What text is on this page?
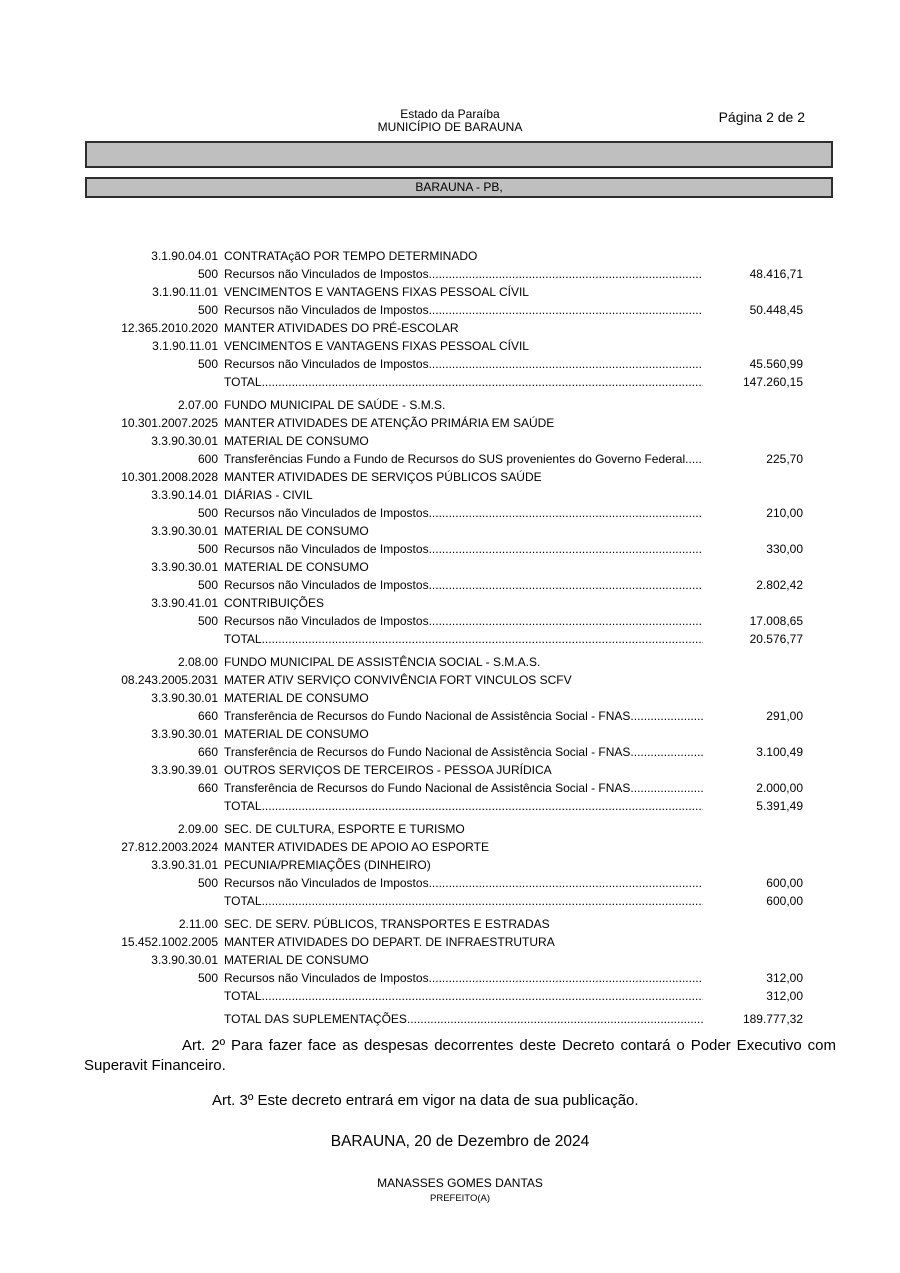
Estado da Paraíba
MUNICÍPIO DE BARAUNA
Página 2 de 2
BARAUNA - PB,
3.1.90.04.01 CONTRATAçãO POR TEMPO DETERMINADO
500 Recursos não Vinculados de Impostos .....	48.416,71
3.1.90.11.01 VENCIMENTOS E VANTAGENS FIXAS PESSOAL CÍVIL
500 Recursos não Vinculados de Impostos .....	50.448,45
12.365.2010.2020 MANTER ATIVIDADES DO PRÉ-ESCOLAR
3.1.90.11.01 VENCIMENTOS E VANTAGENS FIXAS PESSOAL CÍVIL
500 Recursos não Vinculados de Impostos .....	45.560,99
TOTAL .....	147.260,15
2.07.00 FUNDO MUNICIPAL DE SAÚDE - S.M.S.
10.301.2007.2025 MANTER ATIVIDADES DE ATENÇÃO PRIMÁRIA EM SAÚDE
3.3.90.30.01 MATERIAL DE CONSUMO
600 Transferências Fundo a Fundo de Recursos do SUS provenientes do Governo Federal .....	225,70
10.301.2008.2028 MANTER ATIVIDADES DE SERVIÇOS PÚBLICOS SAÚDE
3.3.90.14.01 DIÁRIAS - CIVIL
500 Recursos não Vinculados de Impostos .....	210,00
3.3.90.30.01 MATERIAL DE CONSUMO
500 Recursos não Vinculados de Impostos .....	330,00
3.3.90.30.01 MATERIAL DE CONSUMO
500 Recursos não Vinculados de Impostos .....	2.802,42
3.3.90.41.01 CONTRIBUIÇÕES
500 Recursos não Vinculados de Impostos .....	17.008,65
TOTAL .....	20.576,77
2.08.00 FUNDO MUNICIPAL DE ASSISTÊNCIA SOCIAL - S.M.A.S.
08.243.2005.2031 MATER ATIV SERVIÇO CONVIVÊNCIA FORT VINCULOS SCFV
3.3.90.30.01 MATERIAL DE CONSUMO
660 Transferência de Recursos do Fundo Nacional de Assistência Social - FNAS .....	291,00
3.3.90.30.01 MATERIAL DE CONSUMO
660 Transferência de Recursos do Fundo Nacional de Assistência Social - FNAS .....	3.100,49
3.3.90.39.01 OUTROS SERVIÇOS DE TERCEIROS - PESSOA JURÍDICA
660 Transferência de Recursos do Fundo Nacional de Assistência Social - FNAS .....	2.000,00
TOTAL .....	5.391,49
2.09.00 SEC. DE CULTURA, ESPORTE E TURISMO
27.812.2003.2024 MANTER ATIVIDADES DE APOIO AO ESPORTE
3.3.90.31.01 PECUNIA/PREMIAÇÕES (DINHEIRO)
500 Recursos não Vinculados de Impostos .....	600,00
TOTAL .....	600,00
2.11.00 SEC. DE SERV. PÚBLICOS, TRANSPORTES E ESTRADAS
15.452.1002.2005 MANTER ATIVIDADES DO DEPART. DE INFRAESTRUTURA
3.3.90.30.01 MATERIAL DE CONSUMO
500 Recursos não Vinculados de Impostos .....	312,00
TOTAL .....	312,00
TOTAL DAS SUPLEMENTAÇÕES .....	189.777,32

Art. 2º Para fazer face as despesas decorrentes deste Decreto contará o Poder Executivo com Superavit Financeiro.

Art. 3º Este decreto entrará em vigor na data de sua publicação.

BARAUNA, 20 de Dezembro de 2024
MANASSES GOMES DANTAS
PREFEITO(A)
